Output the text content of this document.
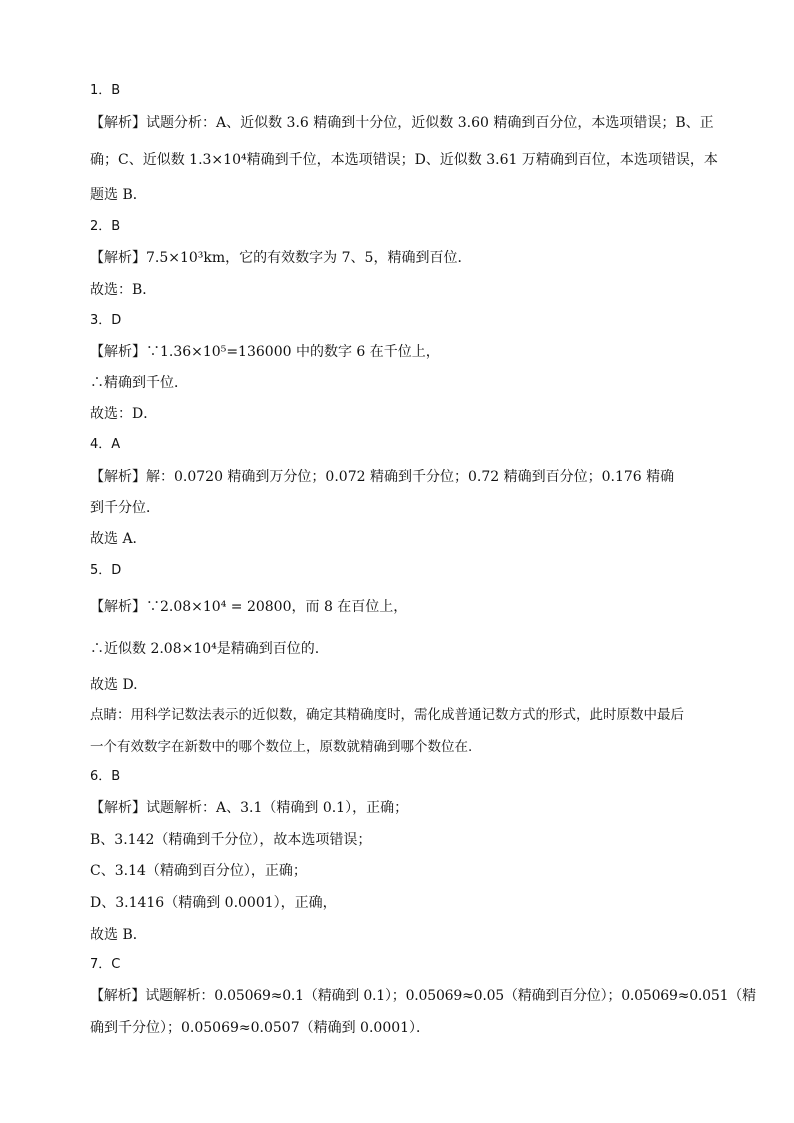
1．B
【解析】试题分析：A、近似数 3.6 精确到十分位，近似数 3.60 精确到百分位，本选项错误；B、正
确；C、近似数 1.3×10⁴精确到千位，本选项错误；D、近似数 3.61 万精确到百位，本选项错误，本
题选 B．
2．B
【解析】7.5×10³km，它的有效数字为 7、5，精确到百位．
故选：B．
3．D
【解析】∵1.36×10⁵=136000 中的数字 6 在千位上，
∴精确到千位．
故选：D．
4．A
【解析】解：0.0720 精确到万分位；0.072 精确到千分位；0.72 精确到百分位；0.176 精确
到千分位．
故选 A．
5．D
【解析】∵2.08×10⁴ = 20800，而 8 在百位上，
∴近似数 2.08×10⁴是精确到百位的.
故选 D.
点睛：用科学记数法表示的近似数，确定其精确度时，需化成普通记数方式的形式，此时原数中最后
一个有效数字在新数中的哪个数位上，原数就精确到哪个数位在.
6．B
【解析】试题解析：A、3.1（精确到 0.1），正确；
B、3.142（精确到千分位），故本选项错误；
C、3.14（精确到百分位），正确；
D、3.1416（精确到 0.0001），正确，
故选 B．
7．C
【解析】试题解析：0.05069≈0.1（精确到 0.1）；0.05069≈0.05（精确到百分位）；0.05069≈0.051（精
确到千分位）；0.05069≈0.0507（精确到 0.0001）．
